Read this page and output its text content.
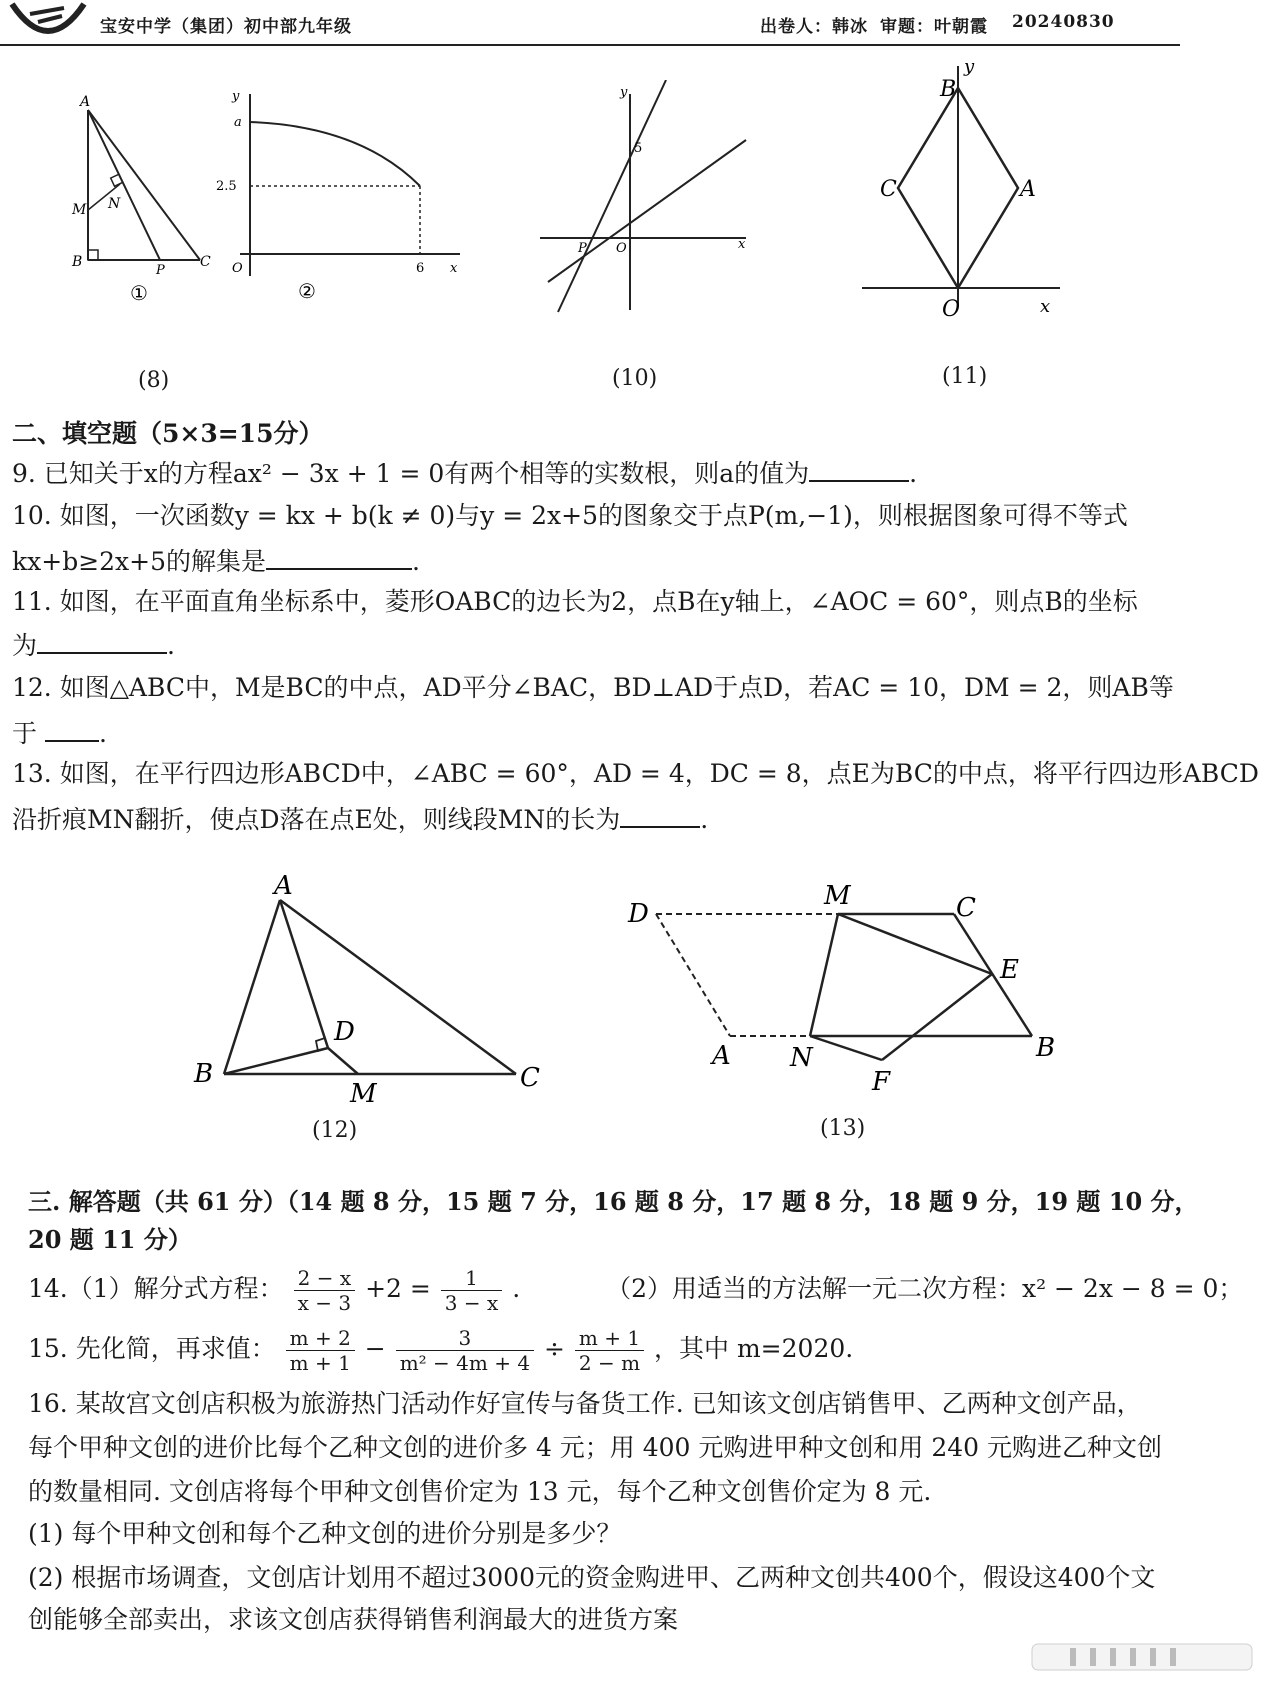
宝安中学（集团）初中部九年级	出卷人：韩冰 审题：叶朝霞 20240830
A
B	C
M N
P
①
y
x
O
a
2.5
6
②
(8)
y
x
O
P
5
(10)
B
y
C	A
O	x
(11)
二、填空题（5×3=15分）
9. 已知关于x的方程ax² − 3x + 1 = 0有两个相等的实数根，则a的值为	.
10. 如图，一次函数y = kx + b(k ≠ 0)与y = 2x+5的图象交于点P(m,−1)，则根据图象可得不等式
kx+b≥2x+5的解集是	.
11. 如图，在平面直角坐标系中，菱形OABC的边长为2，点B在y轴上，∠AOC = 60°，则点B的坐标
为	.
12. 如图△ABC中，M是BC的中点，AD平分∠BAC，BD⊥AD于点D，若AC = 10，DM = 2，则AB等
于 .
13. 如图，在平行四边形ABCD中，∠ABC = 60°，AD = 4，DC = 8，点E为BC的中点，将平行四边形ABCD
沿折痕MN翻折，使点D落在点E处，则线段MN的长为	.
A
B	C
D
M
(12)
D
M	C
E
A N	B
F
(13)
三. 解答题（共 61 分）（14 题 8 分，15 题 7 分，16 题 8 分，17 题 8 分，18 题 9 分，19 题 10 分，
20 题 11 分）
14.（1）解分式方程： $\frac{2 - x}{x - 3} +2 = \frac{1}{3 - x}$ .	（2）用适当的方法解一元二次方程：x² − 2x − 8 = 0；
15. 先化简，再求值： $\frac{m + 2}{m + 1} - \frac{3}{\text{m² − 4m + 4}} \div \frac{m + 1}{2 - m}$ ，其中 m=2020.
16. 某故宫文创店积极为旅游热门活动作好宣传与备货工作. 已知该文创店销售甲、乙两种文创产品，
每个甲种文创的进价比每个乙种文创的进价多 4 元；用 400 元购进甲种文创和用 240 元购进乙种文创
的数量相同. 文创店将每个甲种文创售价定为 13 元，每个乙种文创售价定为 8 元.
(1) 每个甲种文创和每个乙种文创的进价分别是多少？
(2) 根据市场调查，文创店计划用不超过3000元的资金购进甲、乙两种文创共400个，假设这400个文
创能够全部卖出，求该文创店获得销售利润最大的进货方案
